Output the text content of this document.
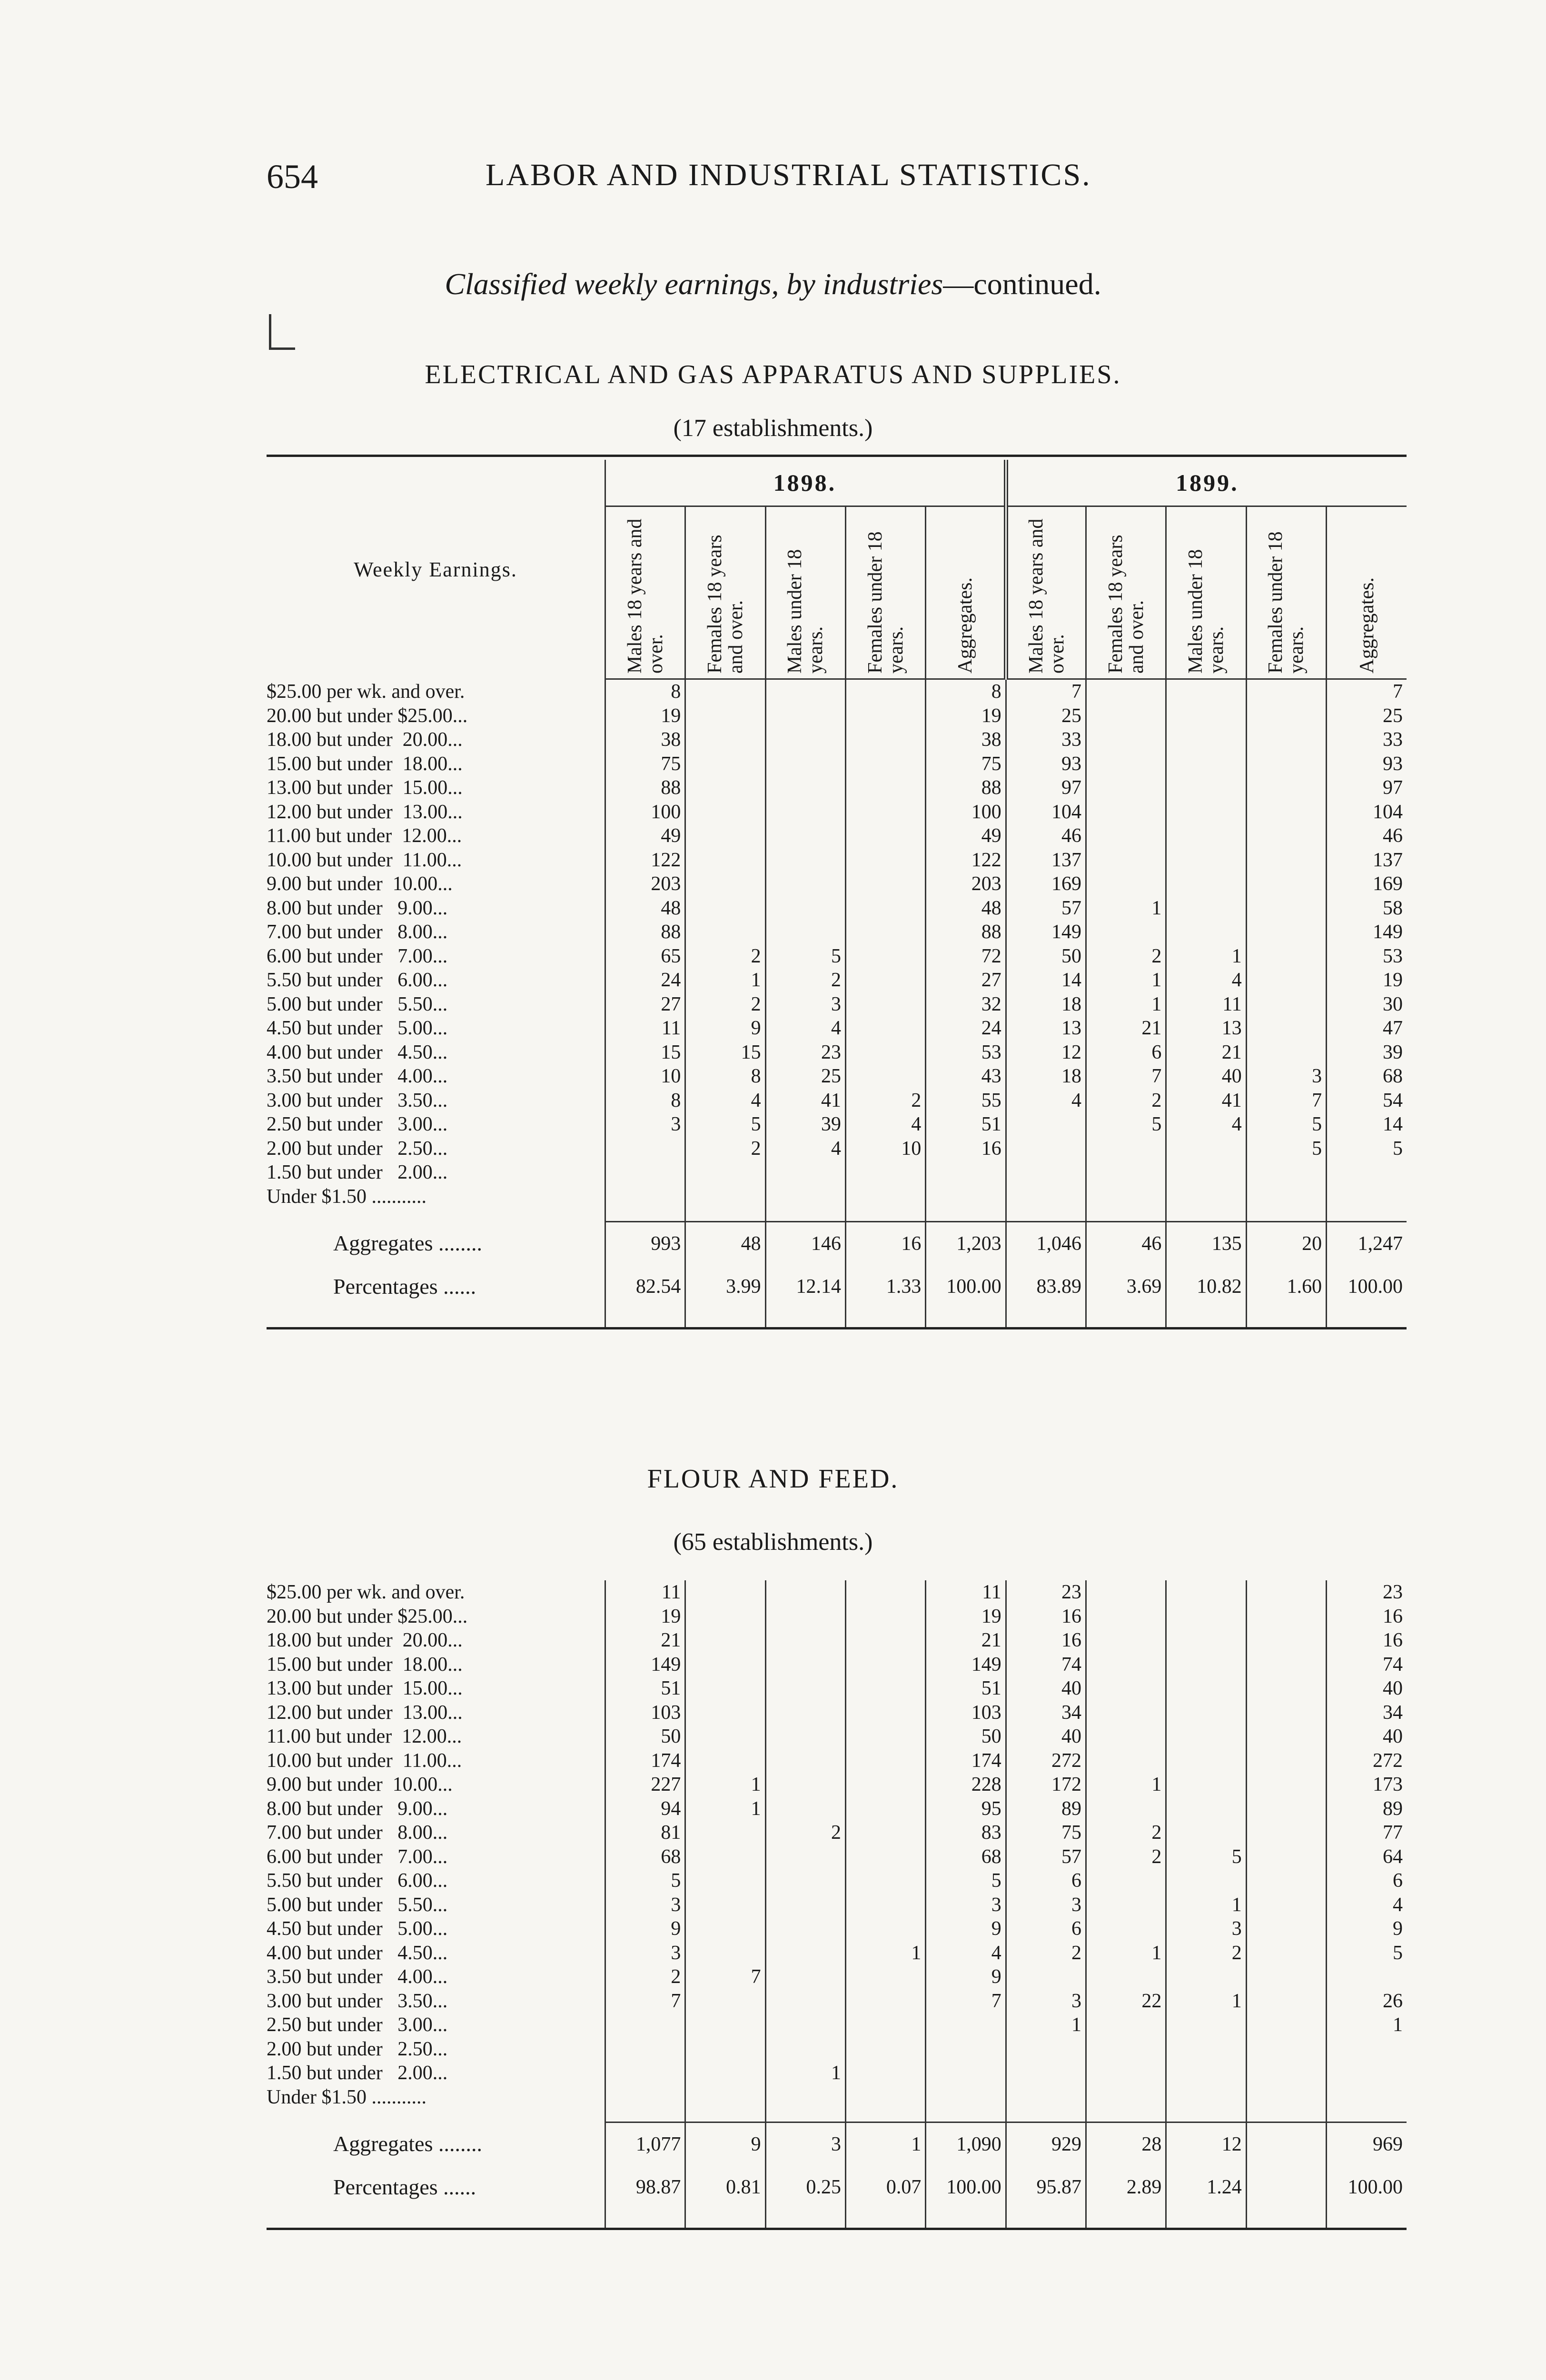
654	LABOR AND INDUSTRIAL STATISTICS.
Classified weekly earnings, by industries—continued.
ELECTRICAL AND GAS APPARATUS AND SUPPLIES.
(17 establishments.)

Weekly Earnings.	1898.					1899.				

	Males 18 years and over.	Females 18 years and over.	Males under 18 years.	Females under 18 years.	Aggregates.	Males 18 years and over.	Females 18 years and over.	Males under 18 years.	Females under 18 years.	Aggregates.

$25.00 per wk. and over.	8				8	7				7
20.00 but under $25.00...	19				19	25				25
18.00 but under  20.00...	38				38	33				33
15.00 but under  18.00...	75				75	93				93
13.00 but under  15.00...	88				88	97				97
12.00 but under  13.00...	100				100	104				104
11.00 but under  12.00...	49				49	46				46
10.00 but under  11.00...	122				122	137				137
9.00 but under  10.00...	203				203	169				169
8.00 but under   9.00...	48				48	57	1			58
7.00 but under   8.00...	88				88	149				149
6.00 but under   7.00...	65	2	5		72	50	2	1		53
5.50 but under   6.00...	24	1	2		27	14	1	4		19
5.00 but under   5.50...	27	2	3		32	18	1	11		30
4.50 but under   5.00...	11	9	4		24	13	21	13		47
4.00 but under   4.50...	15	15	23		53	12	6	21		39
3.50 but under   4.00...	10	8	25		43	18	7	40	3	68
3.00 but under   3.50...	8	4	41	2	55	4	2	41	7	54
2.50 but under   3.00...	3	5	39	4	51		5	4	5	14
2.00 but under   2.50...		2	4	10	16				5	5
1.50 but under   2.00...										
Under $1.50 ...........										

Aggregates ........	993	48	146	16	1,203	1,046	46	135	20	1,247
Percentages ......	82.54	3.99	12.14	1.33	100.00	83.89	3.69	10.82	1.60	100.00

FLOUR AND FEED.
(65 establishments.)
$25.00 per wk. and over.	11				11	23				23
20.00 but under $25.00...	19				19	16				16
18.00 but under  20.00...	21				21	16				16
15.00 but under  18.00...	149				149	74				74
13.00 but under  15.00...	51				51	40				40
12.00 but under  13.00...	103				103	34				34
11.00 but under  12.00...	50				50	40				40
10.00 but under  11.00...	174				174	272				272
9.00 but under  10.00...	227	1			228	172	1			173
8.00 but under   9.00...	94	1			95	89				89
7.00 but under   8.00...	81		2		83	75	2			77
6.00 but under   7.00...	68				68	57	2	5		64
5.50 but under   6.00...	5				5	6				6
5.00 but under   5.50...	3				3	3		1		4
4.50 but under   5.00...	9				9	6		3		9
4.00 but under   4.50...	3			1	4	2	1	2		5
3.50 but under   4.00...	2	7			9					
3.00 but under   3.50...	7				7	3	22	1		26
2.50 but under   3.00...						1				1
2.00 but under   2.50...										
1.50 but under   2.00...			1							
Under $1.50 ...........										

Aggregates ........	1,077	9	3	1	1,090	929	28	12		969
Percentages ......	98.87	0.81	0.25	0.07	100.00	95.87	2.89	1.24		100.00
